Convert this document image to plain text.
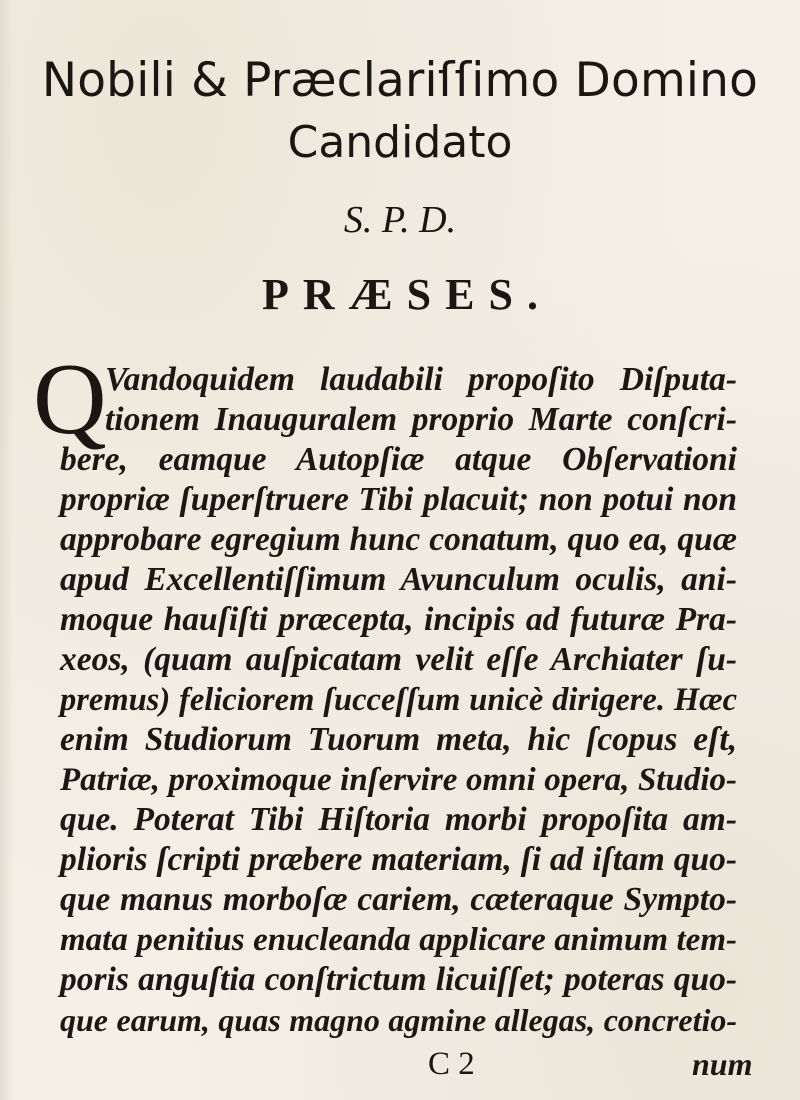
Nobili & Præclariſſimo Domino
Candidato
S. P. D.
PRÆSES.
Q
Vandoquidem laudabili propoſito Diſputa-
tionem Inauguralem proprio Marte conſcri-
bere, eamque Autopſiæ atque Obſervationi
propriæ ſuperſtruere Tibi placuit; non potui non
approbare egregium hunc conatum, quo ea, quæ
apud Excellentiſſimum Avunculum oculis, ani-
moque hauſiſti præcepta, incipis ad futuræ Pra-
xeos, (quam auſpicatam velit eſſe Archiater ſu-
premus) feliciorem ſucceſſum unicè dirigere. Hæc
enim Studiorum Tuorum meta, hic ſcopus eſt,
Patriæ, proximoque inſervire omni opera, Studio-
que. Poterat Tibi Hiſtoria morbi propoſita am-
plioris ſcripti præbere materiam, ſi ad iſtam quo-
que manus morboſæ cariem, cæteraque Sympto-
mata penitius enucleanda applicare animum tem-
poris anguſtia conſtrictum licuiſſet; poteras quo-
que earum, quas magno agmine allegas, concretio-
C 2	num
